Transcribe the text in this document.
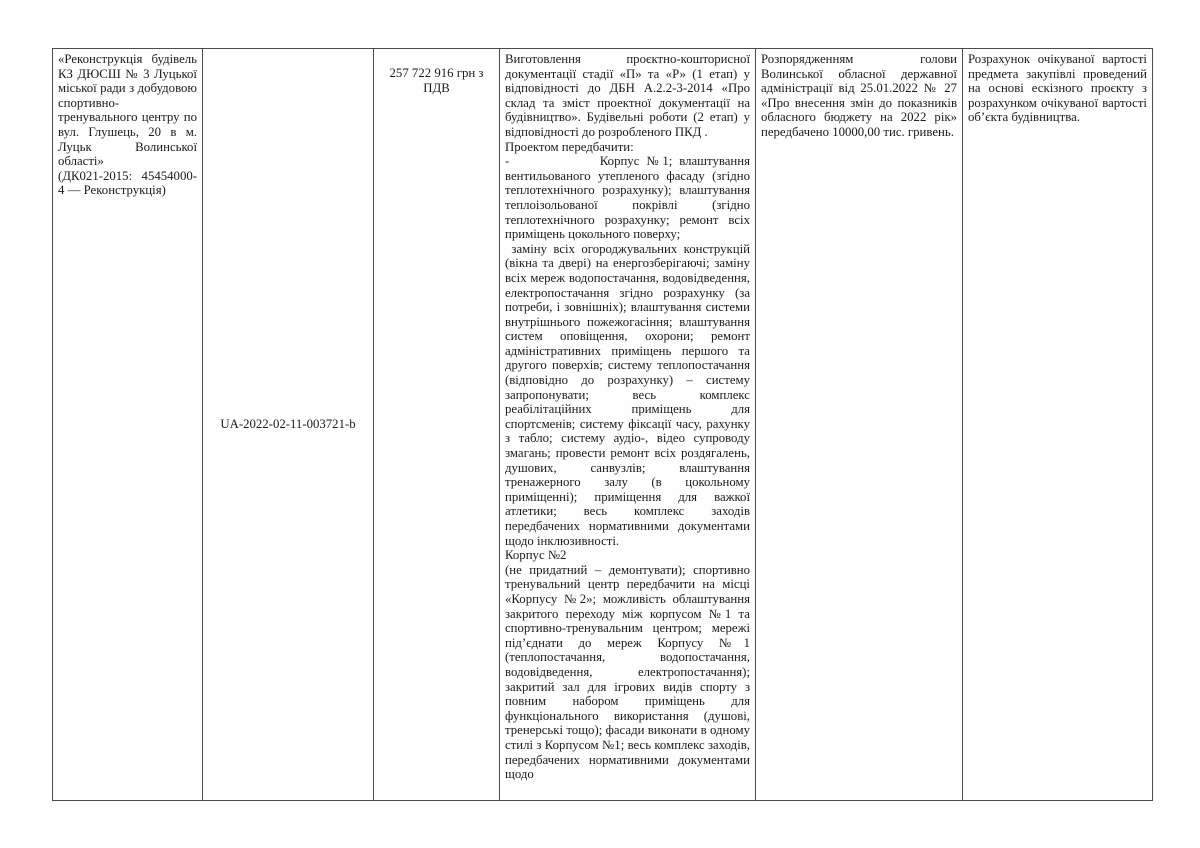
«Реконструкція будівель КЗ ДЮСШ № 3 Луцької міської ради з добудовою спортивно-тренувального центру по вул. Глушець, 20 в м. Луцьк Волинської області»

(ДК021-2015: 45454000-4 — Реконструкція)

UA-2022-02-11-003721-b
257 722 916 грн з ПДВ

Виготовлення проєктно-кошторисної документації стадії «П» та «Р» (1 етап) у відповідності до ДБН А.2.2-3-2014 «Про склад та зміст проектної документації на будівництво». Будівельні роботи (2 етап) у відповідності до розробленого ПКД .

Проектом передбачити:

-             Корпус №1; влаштування вентильованого утепленого фасаду (згідно теплотехнічного розрахунку); влаштування теплоізольованої покрівлі (згідно теплотехнічного розрахунку; ремонт всіх приміщень цокольного поверху;

заміну всіх огороджувальних конструкцій (вікна та двері) на енергозберігаючі; заміну всіх мереж водопостачання, водовідведення, електропостачання згідно розрахунку (за потреби, і зовнішніх); влаштування системи внутрішнього пожежогасіння; влаштування систем оповіщення, охорони; ремонт адміністративних приміщень першого та другого поверхів; систему теплопостачання (відповідно до розрахунку) – систему запропонувати; весь комплекс реабілітаційних приміщень для спортсменів; систему фіксації часу, рахунку з табло; систему аудіо-, відео супроводу змагань; провести ремонт всіх роздягалень, душових, санвузлів; влаштування тренажерного залу (в цокольному приміщенні); приміщення для важкої атлетики; весь комплекс заходів передбачених нормативними документами щодо інклюзивності.

Корпус №2

(не придатний – демонтувати); спортивно тренувальний центр передбачити на місці «Корпусу №2»; можливість облаштування закритого переходу між корпусом №1 та спортивно-тренувальним центром; мережі під’єднати до мереж Корпусу №1 (теплопостачання, водопостачання, водовідведення, електропостачання); закритий зал для ігрових видів спорту з повним набором приміщень для функціонального використання (душові, тренерські тощо); фасади виконати в одному стилі з Корпусом №1; весь комплекс заходів, передбачених нормативними документами щодо

Розпорядженням голови Волинської обласної державної адміністрації від 25.01.2022 № 27 «Про внесення змін до показників обласного бюджету на 2022 рік» передбачено 10000,00 тис. гривень.

Розрахунок очікуваної вартості предмета закупівлі проведений на основі ескізного проєкту з розрахунком очікуваної вартості об’єкта будівництва.
